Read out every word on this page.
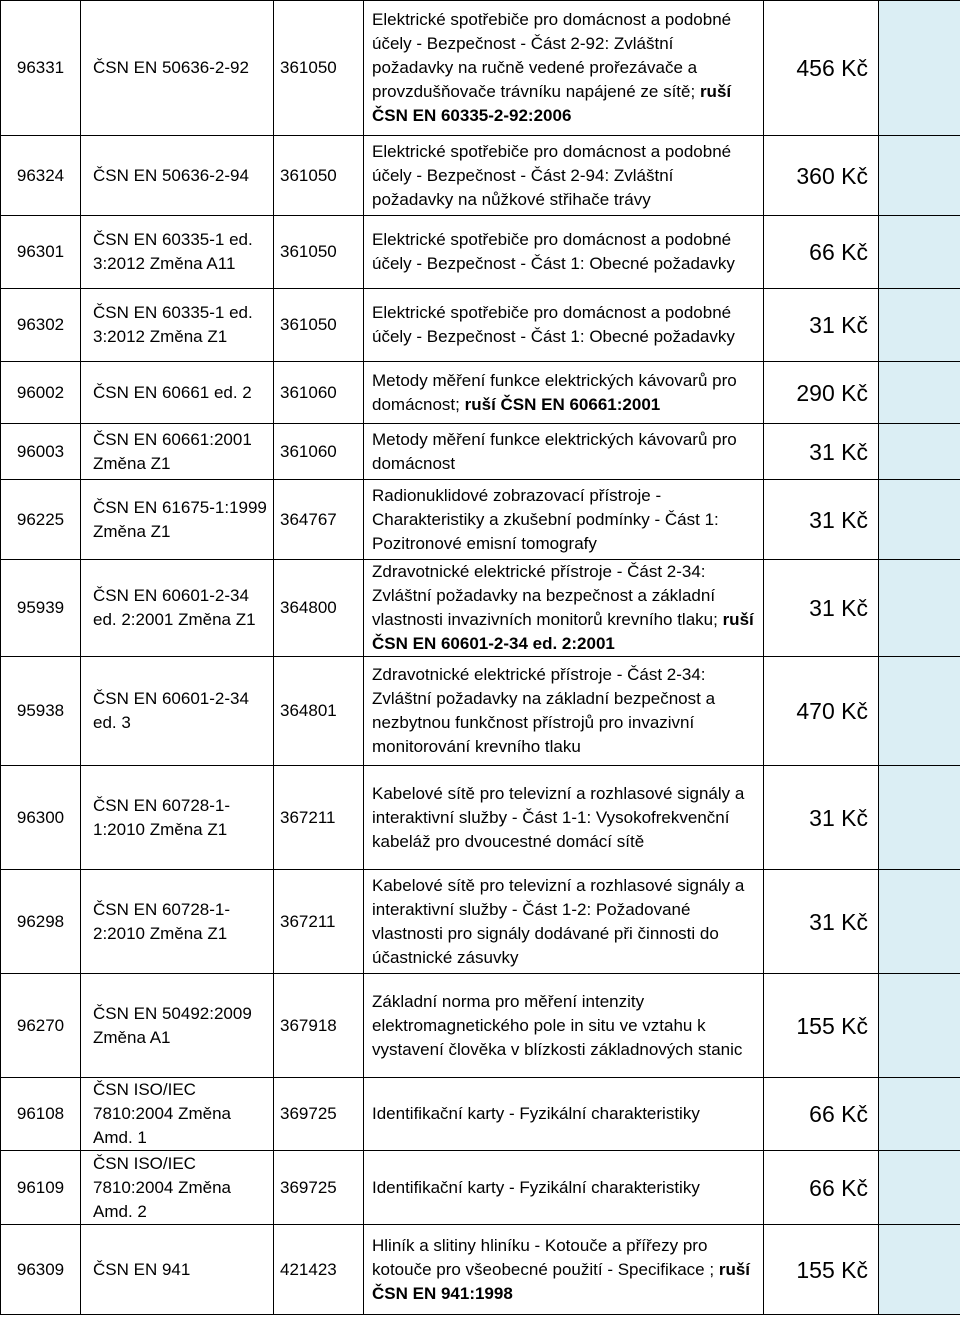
96331	ČSN EN 50636-2-92	361050	Elektrické spotřebiče pro domácnost a podobné účely - Bezpečnost - Část 2-92: Zvláštní požadavky na ručně vedené prořezávače a provzdušňovače trávníku napájené ze sítě; ruší ČSN EN 60335-2-92:2006	456 Kč	
96324	ČSN EN 50636-2-94	361050	Elektrické spotřebiče pro domácnost a podobné účely - Bezpečnost - Část 2-94: Zvláštní požadavky na nůžkové střihače trávy	360 Kč	
96301	ČSN EN 60335-1 ed. 3:2012 Změna A11	361050	Elektrické spotřebiče pro domácnost a podobné účely - Bezpečnost - Část 1: Obecné požadavky	66 Kč	
96302	ČSN EN 60335-1 ed. 3:2012 Změna Z1	361050	Elektrické spotřebiče pro domácnost a podobné účely - Bezpečnost - Část 1: Obecné požadavky	31 Kč	
96002	ČSN EN 60661 ed. 2	361060	Metody měření funkce elektrických kávovarů pro domácnost; ruší ČSN EN 60661:2001	290 Kč	
96003	ČSN EN 60661:2001 Změna Z1	361060	Metody měření funkce elektrických kávovarů pro domácnost	31 Kč	
96225	ČSN EN 61675-1:1999 Změna Z1	364767	Radionuklidové zobrazovací přístroje - Charakteristiky a zkušební podmínky - Část 1: Pozitronové emisní tomografy	31 Kč	
95939	ČSN EN 60601-2-34 ed. 2:2001 Změna Z1	364800	Zdravotnické elektrické přístroje - Část 2-34: Zvláštní požadavky na bezpečnost a základní vlastnosti invazivních monitorů krevního tlaku; ruší ČSN EN 60601-2-34 ed. 2:2001	31 Kč	
95938	ČSN EN 60601-2-34 ed. 3	364801	Zdravotnické elektrické přístroje - Část 2-34: Zvláštní požadavky na základní bezpečnost a nezbytnou funkčnost přístrojů pro invazivní monitorování krevního tlaku	470 Kč	
96300	ČSN EN 60728-1-1:2010 Změna Z1	367211	Kabelové sítě pro televizní a rozhlasové signály a interaktivní služby - Část 1-1: Vysokofrekvenční kabeláž pro dvoucestné domácí sítě	31 Kč	
96298	ČSN EN 60728-1-2:2010 Změna Z1	367211	Kabelové sítě pro televizní a rozhlasové signály a interaktivní služby - Část 1-2: Požadované vlastnosti pro signály dodávané při činnosti do účastnické zásuvky	31 Kč	
96270	ČSN EN 50492:2009 Změna A1	367918	Základní norma pro měření intenzity elektromagnetického pole in situ ve vztahu k vystavení člověka v blízkosti základnových stanic	155 Kč	
96108	ČSN ISO/IEC 7810:2004 Změna Amd. 1	369725	Identifikační karty - Fyzikální charakteristiky	66 Kč	
96109	ČSN ISO/IEC 7810:2004 Změna Amd. 2	369725	Identifikační karty - Fyzikální charakteristiky	66 Kč	
96309	ČSN EN 941	421423	Hliník a slitiny hliníku - Kotouče a přířezy pro kotouče pro všeobecné použití - Specifikace ; ruší ČSN EN 941:1998	155 Kč	
